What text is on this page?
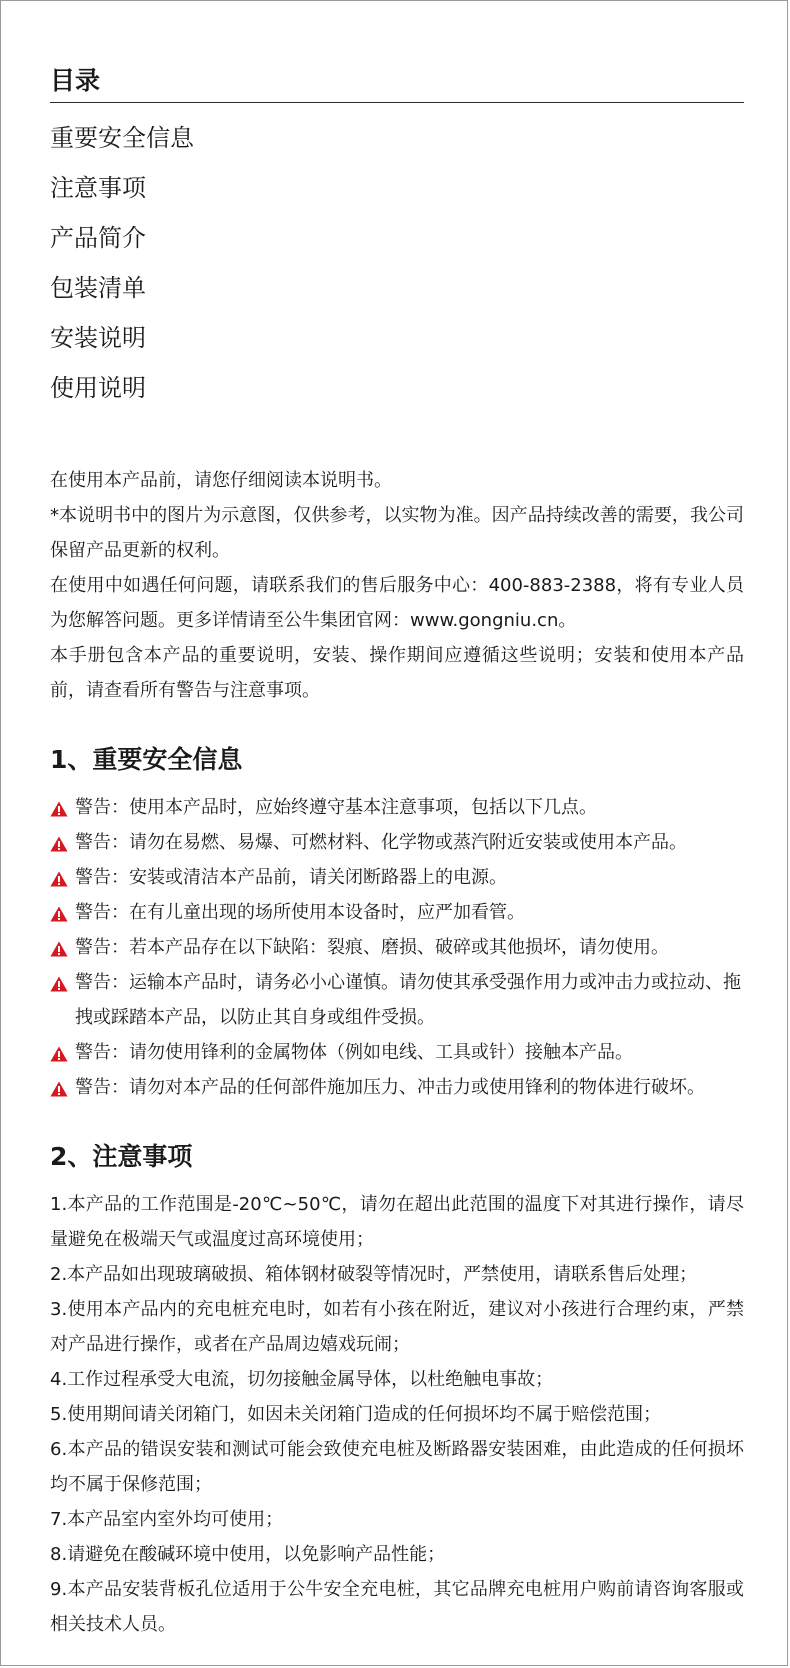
目录
重要安全信息
注意事项
产品简介
包装清单
安装说明
使用说明

在使用本产品前，请您仔细阅读本说明书。

*本说明书中的图片为示意图，仅供参考，以实物为准。因产品持续改善的需要，我公司保留产品更新的权利。

在使用中如遇任何问题，请联系我们的售后服务中心：400-883-2388，将有专业人员为您解答问题。更多详情请至公牛集团官网：www.gongniu.cn。

本手册包含本产品的重要说明，安装、操作期间应遵循这些说明；安装和使用本产品前，请查看所有警告与注意事项。

1、重要安全信息
警告：使用本产品时，应始终遵守基本注意事项，包括以下几点。
警告：请勿在易燃、易爆、可燃材料、化学物或蒸汽附近安装或使用本产品。
警告：安装或清洁本产品前，请关闭断路器上的电源。
警告：在有儿童出现的场所使用本设备时，应严加看管。
警告：若本产品存在以下缺陷：裂痕、磨损、破碎或其他损坏，请勿使用。
警告：运输本产品时，请务必小心谨慎。请勿使其承受强作用力或冲击力或拉动、拖拽或踩踏本产品，以防止其自身或组件受损。
警告：请勿使用锋利的金属物体（例如电线、工具或针）接触本产品。
警告：请勿对本产品的任何部件施加压力、冲击力或使用锋利的物体进行破坏。
2、注意事项
1.本产品的工作范围是-20℃~50℃，请勿在超出此范围的温度下对其进行操作，请尽量避免在极端天气或温度过高环境使用；
2.本产品如出现玻璃破损、箱体钢材破裂等情况时，严禁使用，请联系售后处理；
3.使用本产品内的充电桩充电时，如若有小孩在附近，建议对小孩进行合理约束，严禁对产品进行操作，或者在产品周边嬉戏玩闹；
4.工作过程承受大电流，切勿接触金属导体，以杜绝触电事故；
5.使用期间请关闭箱门，如因未关闭箱门造成的任何损坏均不属于赔偿范围；
6.本产品的错误安装和测试可能会致使充电桩及断路器安装困难，由此造成的任何损坏均不属于保修范围；
7.本产品室内室外均可使用；
8.请避免在酸碱环境中使用，以免影响产品性能；
9.本产品安装背板孔位适用于公牛安全充电桩，其它品牌充电桩用户购前请咨询客服或相关技术人员。
